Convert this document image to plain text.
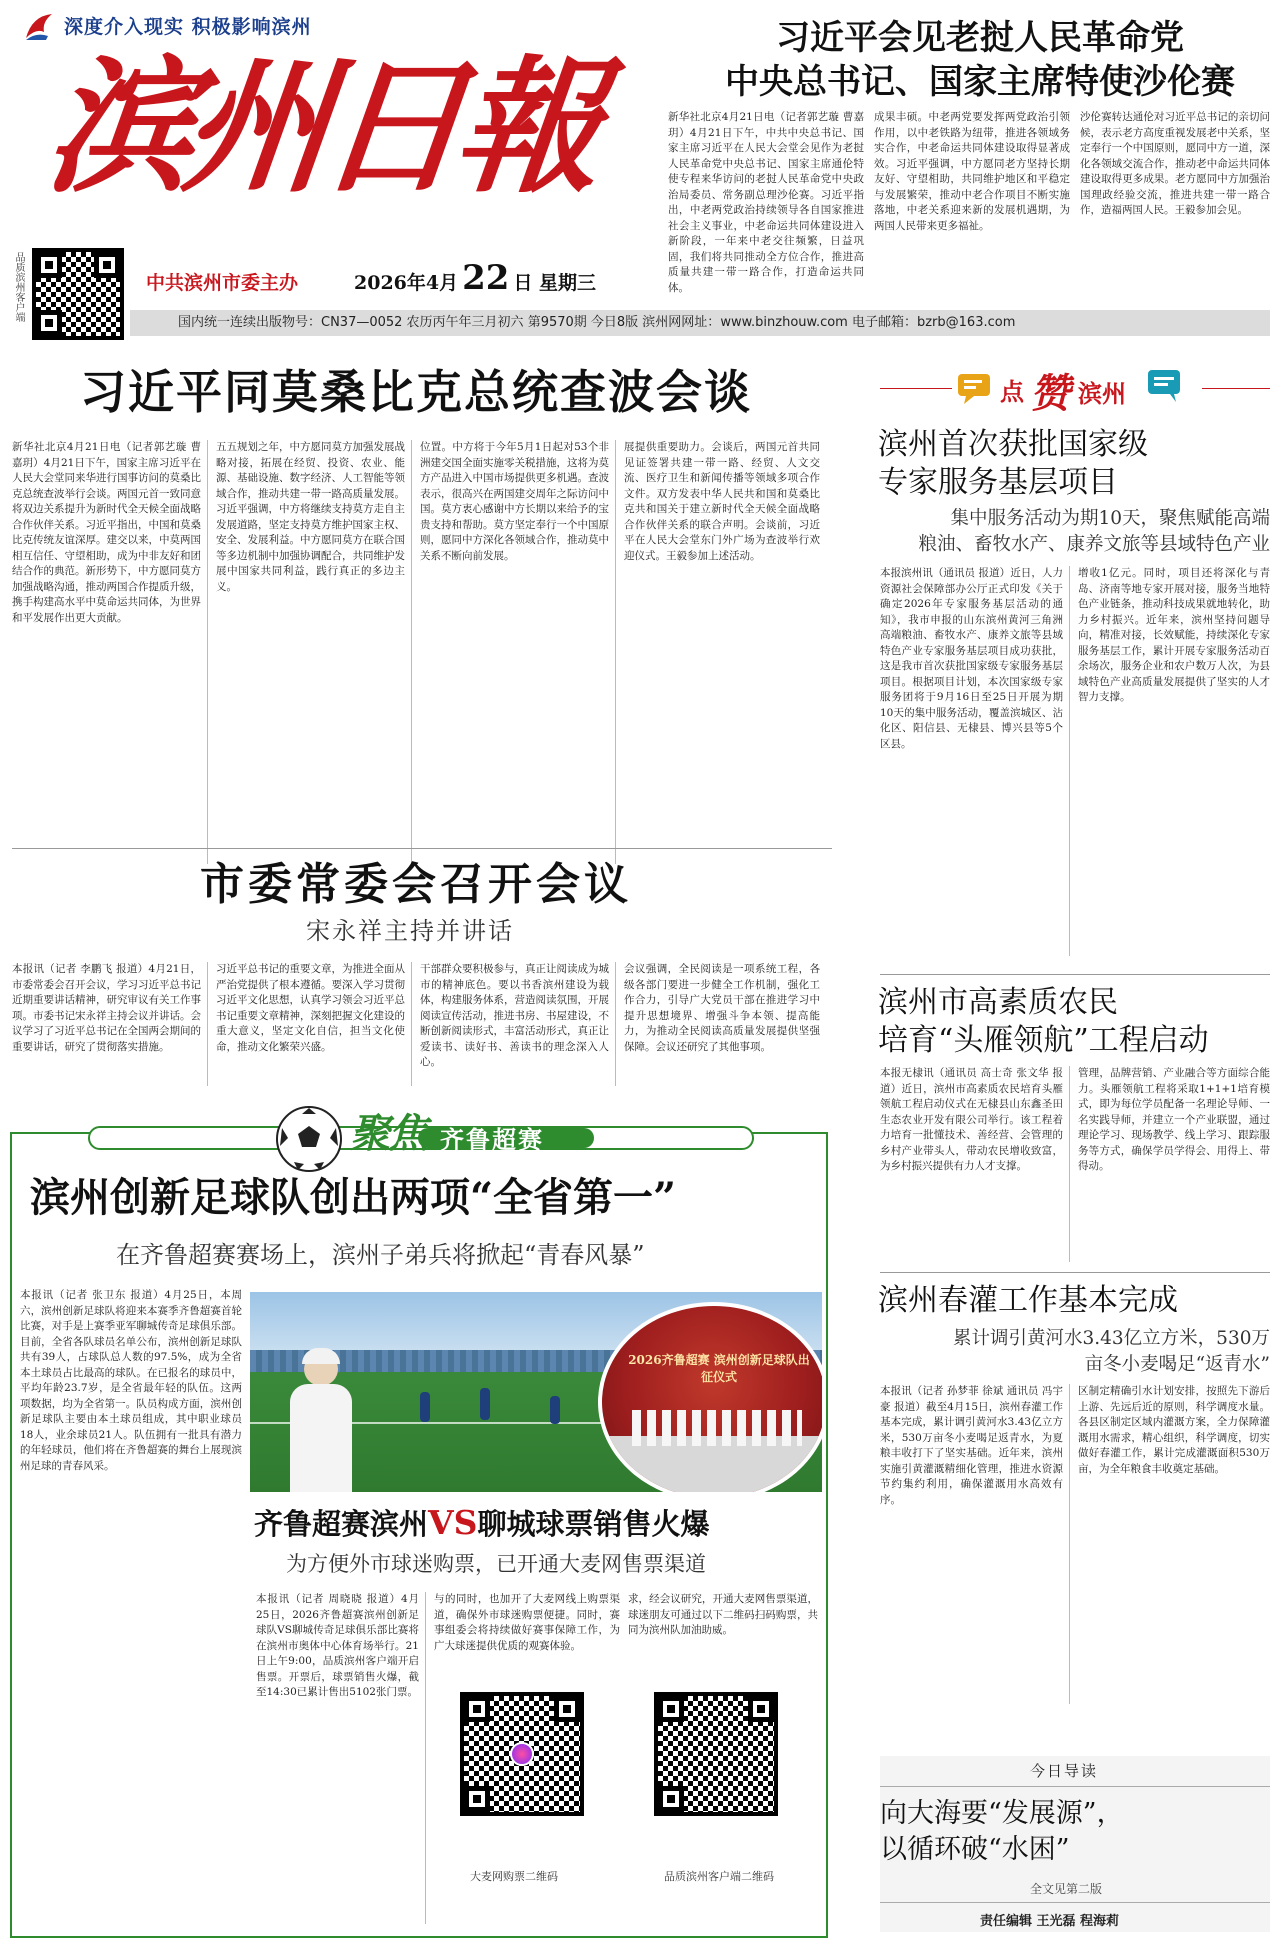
深度介入现实 积极影响滨州
滨州日報
品质滨州客户端	中共滨州市委主办	2026年4月 22 日 星期三
习近平会见老挝人民革命党
中央总书记、国家主席特使沙伦赛
新华社北京4月21日电（记者郭艺璇 曹嘉玥）4月21日下午，中共中央总书记、国家主席习近平在人民大会堂会见作为老挝人民革命党中央总书记、国家主席通伦特使专程来华访问的老挝人民革命党中央政治局委员、常务副总理沙伦赛。习近平指出，中老两党政治持续领导各自国家推进社会主义事业，中老命运共同体建设进入新阶段，一年来中老交往频繁，日益巩固，我们将共同推动全方位合作，推进高质量共建一带一路合作，打造命运共同体。
成果丰硕。中老两党要发挥两党政治引领作用，以中老铁路为纽带，推进各领域务实合作，中老命运共同体建设取得显著成效。习近平强调，中方愿同老方坚持长期友好、守望相助，共同维护地区和平稳定与发展繁荣，推动中老合作项目不断实施落地，中老关系迎来新的发展机遇期，为两国人民带来更多福祉。
沙伦赛转达通伦对习近平总书记的亲切问候，表示老方高度重视发展老中关系，坚定奉行一个中国原则，愿同中方一道，深化各领域交流合作，推动老中命运共同体建设取得更多成果。老方愿同中方加强治国理政经验交流，推进共建一带一路合作，造福两国人民。王毅参加会见。
国内统一连续出版物号：CN37—0052 农历丙午年三月初六 第9570期 今日8版 滨州网网址：www.binzhouw.com 电子邮箱：bzrb@163.com
习近平同莫桑比克总统查波会谈
新华社北京4月21日电（记者郭艺璇 曹嘉玥）4月21日下午，国家主席习近平在人民大会堂同来华进行国事访问的莫桑比克总统查波举行会谈。两国元首一致同意将双边关系提升为新时代全天候全面战略合作伙伴关系。习近平指出，中国和莫桑比克传统友谊深厚。建交以来，中莫两国相互信任、守望相助，成为中非友好和团结合作的典范。新形势下，中方愿同莫方加强战略沟通，推动两国合作提质升级，携手构建高水平中莫命运共同体，为世界和平发展作出更大贡献。
五五规划之年，中方愿同莫方加强发展战略对接，拓展在经贸、投资、农业、能源、基础设施、数字经济、人工智能等领域合作，推动共建一带一路高质量发展。习近平强调，中方将继续支持莫方走自主发展道路，坚定支持莫方维护国家主权、安全、发展利益。中方愿同莫方在联合国等多边机制中加强协调配合，共同维护发展中国家共同利益，践行真正的多边主义。
位置。中方将于今年5月1日起对53个非洲建交国全面实施零关税措施，这将为莫方产品进入中国市场提供更多机遇。查波表示，很高兴在两国建交周年之际访问中国。莫方衷心感谢中方长期以来给予的宝贵支持和帮助。莫方坚定奉行一个中国原则，愿同中方深化各领域合作，推动莫中关系不断向前发展。
展提供重要助力。会谈后，两国元首共同见证签署共建一带一路、经贸、人文交流、医疗卫生和新闻传播等领域多项合作文件。双方发表中华人民共和国和莫桑比克共和国关于建立新时代全天候全面战略合作伙伴关系的联合声明。会谈前，习近平在人民大会堂东门外广场为查波举行欢迎仪式。王毅参加上述活动。
市委常委会召开会议
宋永祥主持并讲话
本报讯（记者 李鹏飞 报道）4月21日，市委常委会召开会议，学习习近平总书记近期重要讲话精神，研究审议有关工作事项。市委书记宋永祥主持会议并讲话。会议学习了习近平总书记在全国两会期间的重要讲话，研究了贯彻落实措施。
习近平总书记的重要文章，为推进全面从严治党提供了根本遵循。要深入学习贯彻习近平文化思想，认真学习领会习近平总书记重要文章精神，深刻把握文化建设的重大意义，坚定文化自信，担当文化使命，推动文化繁荣兴盛。
干部群众要积极参与，真正让阅读成为城市的精神底色。要以书香滨州建设为载体，构建服务体系，营造阅读氛围，开展阅读宣传活动，推进书房、书屋建设，不断创新阅读形式，丰富活动形式，真正让爱读书、读好书、善读书的理念深入人心。
会议强调，全民阅读是一项系统工程，各级各部门要进一步健全工作机制，强化工作合力，引导广大党员干部在推进学习中提升思想境界、增强斗争本领、提高能力，为推动全民阅读高质量发展提供坚强保障。会议还研究了其他事项。
点 赞 滨州
滨州首次获批国家级
专家服务基层项目
集中服务活动为期10天，聚焦赋能高端
粮油、畜牧水产、康养文旅等县域特色产业
本报滨州讯（通讯员 报道）近日，人力资源社会保障部办公厅正式印发《关于确定2026年专家服务基层活动的通知》，我市申报的山东滨州黄河三角洲高端粮油、畜牧水产、康养文旅等县域特色产业专家服务基层项目成功获批，这是我市首次获批国家级专家服务基层项目。根据项目计划，本次国家级专家服务团将于9月16日至25日开展为期10天的集中服务活动，覆盖滨城区、沾化区、阳信县、无棣县、博兴县等5个区县。
增收1亿元。同时，项目还将深化与青岛、济南等地专家开展对接，服务当地特色产业链条，推动科技成果就地转化，助力乡村振兴。近年来，滨州坚持问题导向，精准对接，长效赋能，持续深化专家服务基层工作，累计开展专家服务活动百余场次，服务企业和农户数万人次，为县域特色产业高质量发展提供了坚实的人才智力支撑。
滨州市高素质农民
培育“头雁领航”工程启动
本报无棣讯（通讯员 高士奇 张文华 报道）近日，滨州市高素质农民培育头雁领航工程启动仪式在无棣县山东鑫圣田生态农业开发有限公司举行。该工程着力培育一批懂技术、善经营、会管理的乡村产业带头人，带动农民增收致富，为乡村振兴提供有力人才支撑。
管理，品牌营销、产业融合等方面综合能力。头雁领航工程将采取1+1+1培育模式，即为每位学员配备一名理论导师、一名实践导师，并建立一个产业联盟，通过理论学习、现场教学、线上学习、跟踪服务等方式，确保学员学得会、用得上、带得动。
滨州春灌工作基本完成
累计调引黄河水3.43亿立方米，530万
亩冬小麦喝足“返青水”
本报讯（记者 孙梦菲 徐斌 通讯员 冯宇豪 报道）截至4月15日，滨州春灌工作基本完成，累计调引黄河水3.43亿立方米，530万亩冬小麦喝足返青水，为夏粮丰收打下了坚实基础。近年来，滨州实施引黄灌溉精细化管理，推进水资源节约集约利用，确保灌溉用水高效有序。
区制定精确引水计划安排，按照先下游后上游、先远后近的原则，科学调度水量。各县区制定区域内灌溉方案，全力保障灌溉用水需求，精心组织，科学调度，切实做好春灌工作，累计完成灌溉面积530万亩，为全年粮食丰收奠定基础。
今日导读
向大海要“发展源”，
以循环破“水困”
全文见第二版
责任编辑 王光磊 程海莉
聚焦 齐鲁超赛
滨州创新足球队创出两项“全省第一”
在齐鲁超赛赛场上，滨州子弟兵将掀起“青春风暴”
本报讯（记者 张卫东 报道）4月25日，本周六，滨州创新足球队将迎来本赛季齐鲁超赛首轮比赛，对手是上赛季亚军聊城传奇足球俱乐部。目前，全省各队球员名单公布，滨州创新足球队共有39人，占球队总人数的97.5%，成为全省本土球员占比最高的球队。在已报名的球员中，平均年龄23.7岁，是全省最年轻的队伍。这两项数据，均为全省第一。队员构成方面，滨州创新足球队主要由本土球员组成，其中职业球员18人，业余球员21人。队伍拥有一批具有潜力的年轻球员，他们将在齐鲁超赛的舞台上展现滨州足球的青春风采。
2026齐鲁超赛 滨州创新足球队出征仪式
齐鲁超赛滨州VS聊城球票销售火爆
为方便外市球迷购票，已开通大麦网售票渠道
本报讯（记者 周晓晓 报道）4月25日，2026齐鲁超赛滨州创新足球队VS聊城传奇足球俱乐部比赛将在滨州市奥体中心体育场举行。21日上午9:00，品质滨州客户端开启售票。开票后，球票销售火爆，截至14:30已累计售出5102张门票。
与的同时，也加开了大麦网线上购票渠道，确保外市球迷购票便捷。同时，赛事组委会将持续做好赛事保障工作，为广大球迷提供优质的观赛体验。
求，经会议研究，开通大麦网售票渠道，球迷朋友可通过以下二维码扫码购票，共同为滨州队加油助威。
大麦网购票二维码	品质滨州客户端二维码
